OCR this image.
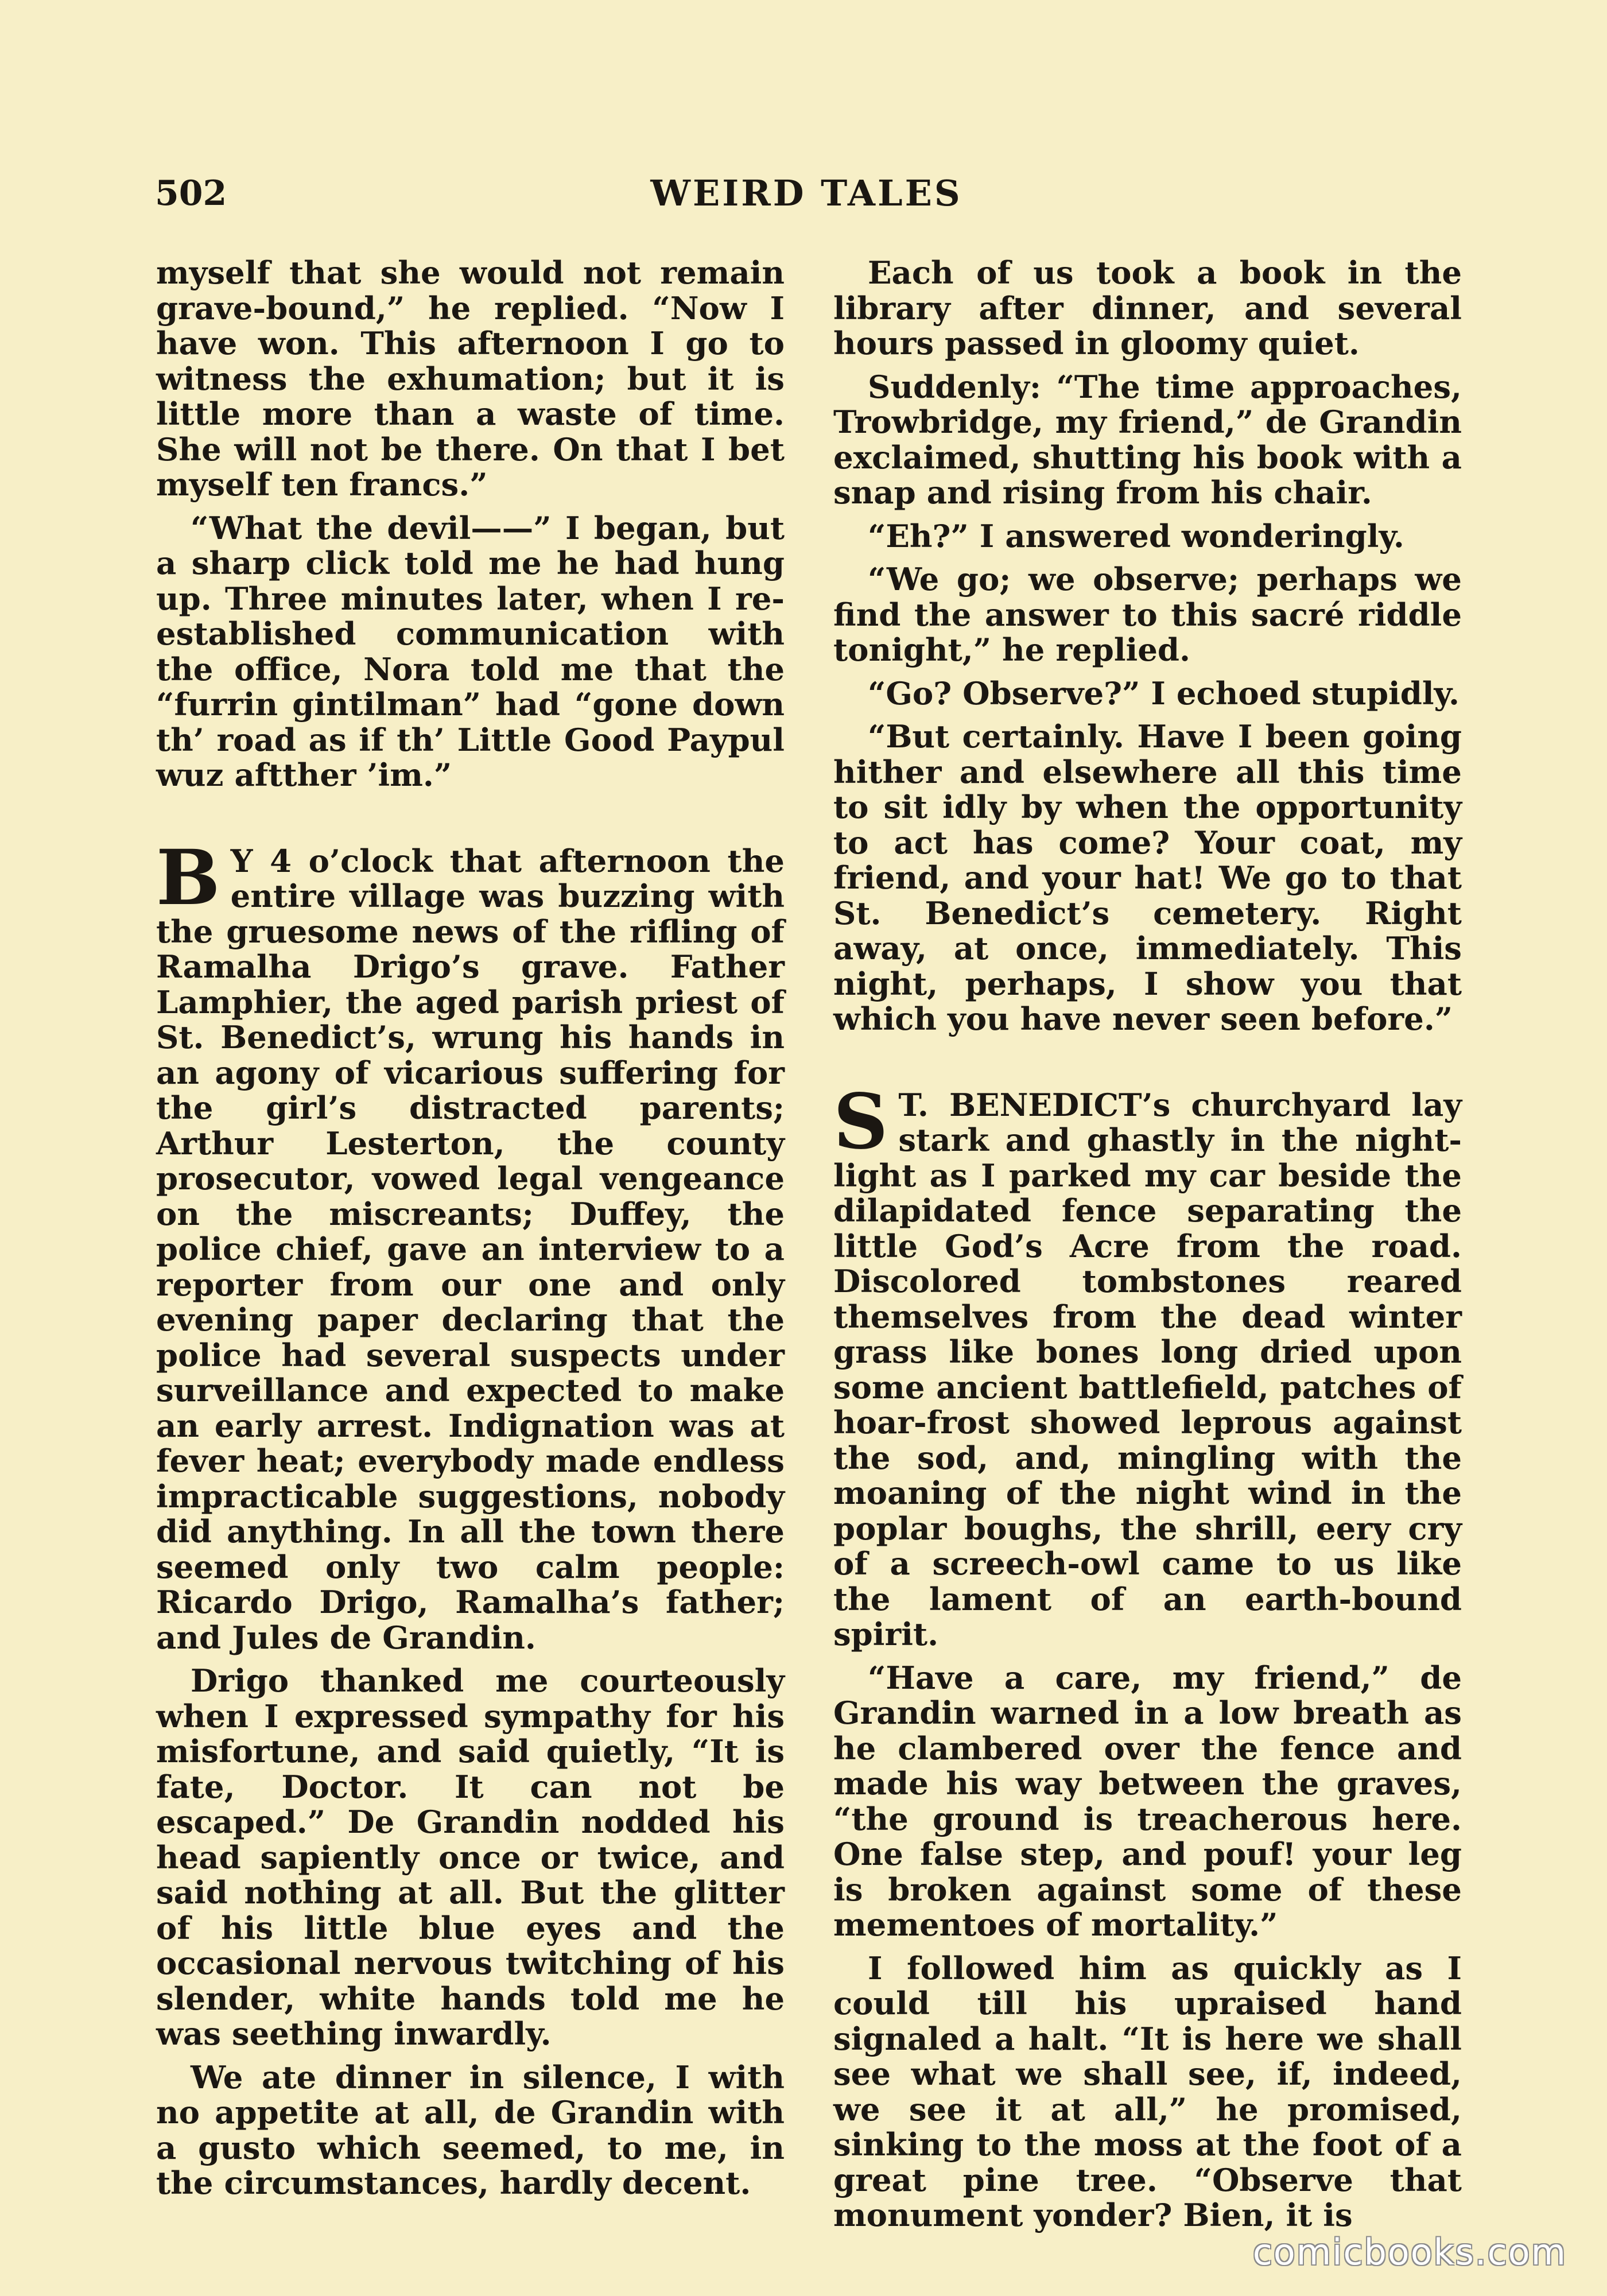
502	WEIRD TALES

myself that she would not remain grave-bound,” he replied. “Now I have won. This afternoon I go to witness the exhumation; but it is little more than a waste of time. She will not be there. On that I bet myself ten francs.”

“What the devil——” I began, but a sharp click told me he had hung up. Three minutes later, when I re-established communication with the office, Nora told me that the “furrin gintilman” had “gone down th’ road as if th’ Little Good Paypul wuz aftther ’im.”

B Y 4 o’clock that afternoon the entire village was buzzing with the gruesome news of the rifling of Ramalha Drigo’s grave. Father Lamphier, the aged parish priest of St. Benedict’s, wrung his hands in an agony of vicarious suffering for the girl’s distracted parents; Arthur Lesterton, the county prosecutor, vowed legal vengeance on the miscreants; Duffey, the police chief, gave an interview to a reporter from our one and only evening paper declaring that the police had several suspects under surveillance and expected to make an early arrest. Indignation was at fever heat; everybody made endless impracticable suggestions, nobody did anything. In all the town there seemed only two calm people: Ricardo Drigo, Ramalha’s father; and Jules de Grandin.

Drigo thanked me courteously when I expressed sympathy for his misfortune, and said quietly, “It is fate, Doctor. It can not be escaped.” De Grandin nodded his head sapiently once or twice, and said nothing at all. But the glitter of his little blue eyes and the occasional nervous twitching of his slender, white hands told me he was seething inwardly.

We ate dinner in silence, I with no appetite at all, de Grandin with a gusto which seemed, to me, in the circumstances, hardly decent.

Each of us took a book in the library after dinner, and several hours passed in gloomy quiet.

Suddenly: “The time approaches, Trowbridge, my friend,” de Grandin exclaimed, shutting his book with a snap and rising from his chair.

“Eh?” I answered wonderingly.

“We go; we observe; perhaps we find the answer to this sacré riddle tonight,” he replied.

“Go? Observe?” I echoed stupidly.

“But certainly. Have I been going hither and elsewhere all this time to sit idly by when the opportunity to act has come? Your coat, my friend, and your hat! We go to that St. Benedict’s cemetery. Right away, at once, immediately. This night, perhaps, I show you that which you have never seen before.”

S T. BENEDICT’s churchyard lay stark and ghastly in the night-light as I parked my car beside the dilapidated fence separating the little God’s Acre from the road. Discolored tombstones reared themselves from the dead winter grass like bones long dried upon some ancient battlefield, patches of hoar-frost showed leprous against the sod, and, mingling with the moaning of the night wind in the poplar boughs, the shrill, eery cry of a screech-owl came to us like the lament of an earth-bound spirit.

“Have a care, my friend,” de Grandin warned in a low breath as he clambered over the fence and made his way between the graves, “the ground is treacherous here. One false step, and pouf! your leg is broken against some of these mementoes of mortality.”

I followed him as quickly as I could till his upraised hand signaled a halt. “It is here we shall see what we shall see, if, indeed, we see it at all,” he promised, sinking to the moss at the foot of a great pine tree. “Observe that monument yonder? Bien, it is

comicbooks.com
